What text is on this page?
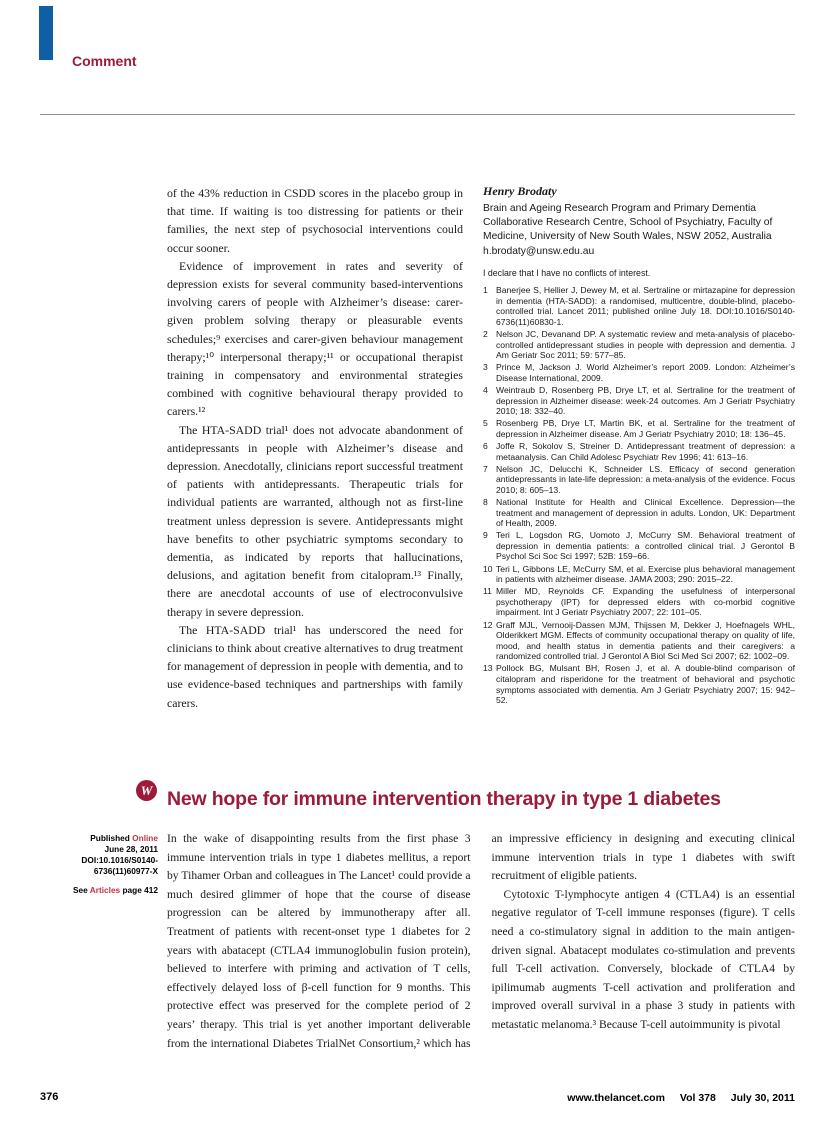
Comment

of the 43% reduction in CSDD scores in the placebo group in that time. If waiting is too distressing for patients or their families, the next step of psychosocial interventions could occur sooner.

Evidence of improvement in rates and severity of depression exists for several community based-interventions involving carers of people with Alzheimer’s disease: carer-given problem solving therapy or pleasurable events schedules;⁹ exercises and carer-given behaviour management therapy;¹⁰ interpersonal therapy;¹¹ or occupational therapist training in compensatory and environmental strategies combined with cognitive behavioural therapy provided to carers.¹²

The HTA-SADD trial¹ does not advocate abandonment of antidepressants in people with Alzheimer’s disease and depression. Anecdotally, clinicians report successful treatment of patients with antidepressants. Therapeutic trials for individual patients are warranted, although not as first-line treatment unless depression is severe. Antidepressants might have benefits to other psychiatric symptoms secondary to dementia, as indicated by reports that hallucinations, delusions, and agitation benefit from citalopram.¹³ Finally, there are anecdotal accounts of use of electroconvulsive therapy in severe depression.

The HTA-SADD trial¹ has underscored the need for clinicians to think about creative alternatives to drug treatment for management of depression in people with dementia, and to use evidence-based techniques and partnerships with family carers.

Henry Brodaty

Brain and Ageing Research Program and Primary Dementia Collaborative Research Centre, School of Psychiatry, Faculty of Medicine, University of New South Wales, NSW 2052, Australia
h.brodaty@unsw.edu.au
I declare that I have no conflicts of interest.
1 Banerjee S, Hellier J, Dewey M, et al. Sertraline or mirtazapine for depression in dementia (HTA-SADD): a randomised, multicentre, double-blind, placebo-controlled trial. Lancet 2011; published online July 18. DOI:10.1016/S0140-6736(11)60830-1.
2 Nelson JC, Devanand DP. A systematic review and meta-analysis of placebo-controlled antidepressant studies in people with depression and dementia. J Am Geriatr Soc 2011; 59: 577–85.
3 Prince M, Jackson J. World Alzheimer’s report 2009. London: Alzheimer’s Disease International, 2009.
4 Weintraub D, Rosenberg PB, Drye LT, et al. Sertraline for the treatment of depression in Alzheimer disease: week-24 outcomes. Am J Geriatr Psychiatry 2010; 18: 332–40.
5 Rosenberg PB, Drye LT, Martin BK, et al. Sertraline for the treatment of depression in Alzheimer disease. Am J Geriatr Psychiatry 2010; 18: 136–45.
6 Joffe R, Sokolov S, Streiner D. Antidepressant treatment of depression: a metaanalysis. Can Child Adolesc Psychiatr Rev 1996; 41: 613–16.
7 Nelson JC, Delucchi K, Schneider LS. Efficacy of second generation antidepressants in late-life depression: a meta-analysis of the evidence. Focus 2010; 8: 605–13.
8 National Institute for Health and Clinical Excellence. Depression—the treatment and management of depression in adults. London, UK: Department of Health, 2009.
9 Teri L, Logsdon RG, Uomoto J, McCurry SM. Behavioral treatment of depression in dementia patients: a controlled clinical trial. J Gerontol B Psychol Sci Soc Sci 1997; 52B: 159–66.
10 Teri L, Gibbons LE, McCurry SM, et al. Exercise plus behavioral management in patients with alzheimer disease. JAMA 2003; 290: 2015–22.
11 Miller MD, Reynolds CF. Expanding the usefulness of interpersonal psychotherapy (IPT) for depressed elders with co-morbid cognitive impairment. Int J Geriatr Psychiatry 2007; 22: 101–05.
12 Graff MJL, Vernooij-Dassen MJM, Thijssen M, Dekker J, Hoefnagels WHL, Olderikkert MGM. Effects of community occupational therapy on quality of life, mood, and health status in dementia patients and their caregivers: a randomized controlled trial. J Gerontol A Biol Sci Med Sci 2007; 62: 1002–09.
13 Pollock BG, Mulsant BH, Rosen J, et al. A double-blind comparison of citalopram and risperidone for the treatment of behavioral and psychotic symptoms associated with dementia. Am J Geriatr Psychiatry 2007; 15: 942–52.
W New hope for immune intervention therapy in type 1 diabetes
Published Online
June 28, 2011
DOI:10.1016/S0140-6736(11)60977-X
See Articles page 412

In the wake of disappointing results from the first phase 3 immune intervention trials in type 1 diabetes mellitus, a report by Tihamer Orban and colleagues in The Lancet¹ could provide a much desired glimmer of hope that the course of disease progression can be altered by immunotherapy after all. Treatment of patients with recent-onset type 1 diabetes for 2 years with abatacept (CTLA4 immunoglobulin fusion protein), believed to interfere with priming and activation of T cells, effectively delayed loss of β-cell function for 9 months. This protective effect was preserved for the complete period of 2 years’ therapy. This trial is yet another important deliverable from the international Diabetes TrialNet Consortium,² which has an impressive efficiency in designing and executing clinical immune intervention trials in type 1 diabetes with swift recruitment of eligible patients.

Cytotoxic T-lymphocyte antigen 4 (CTLA4) is an essential negative regulator of T-cell immune responses (figure). T cells need a co-stimulatory signal in addition to the main antigen-driven signal. Abatacept modulates co-stimulation and prevents full T-cell activation. Conversely, blockade of CTLA4 by ipilimumab augments T-cell activation and proliferation and improved overall survival in a phase 3 study in patients with metastatic melanoma.³ Because T-cell autoimmunity is pivotal

376	www.thelancet.com Vol 378 July 30, 2011
